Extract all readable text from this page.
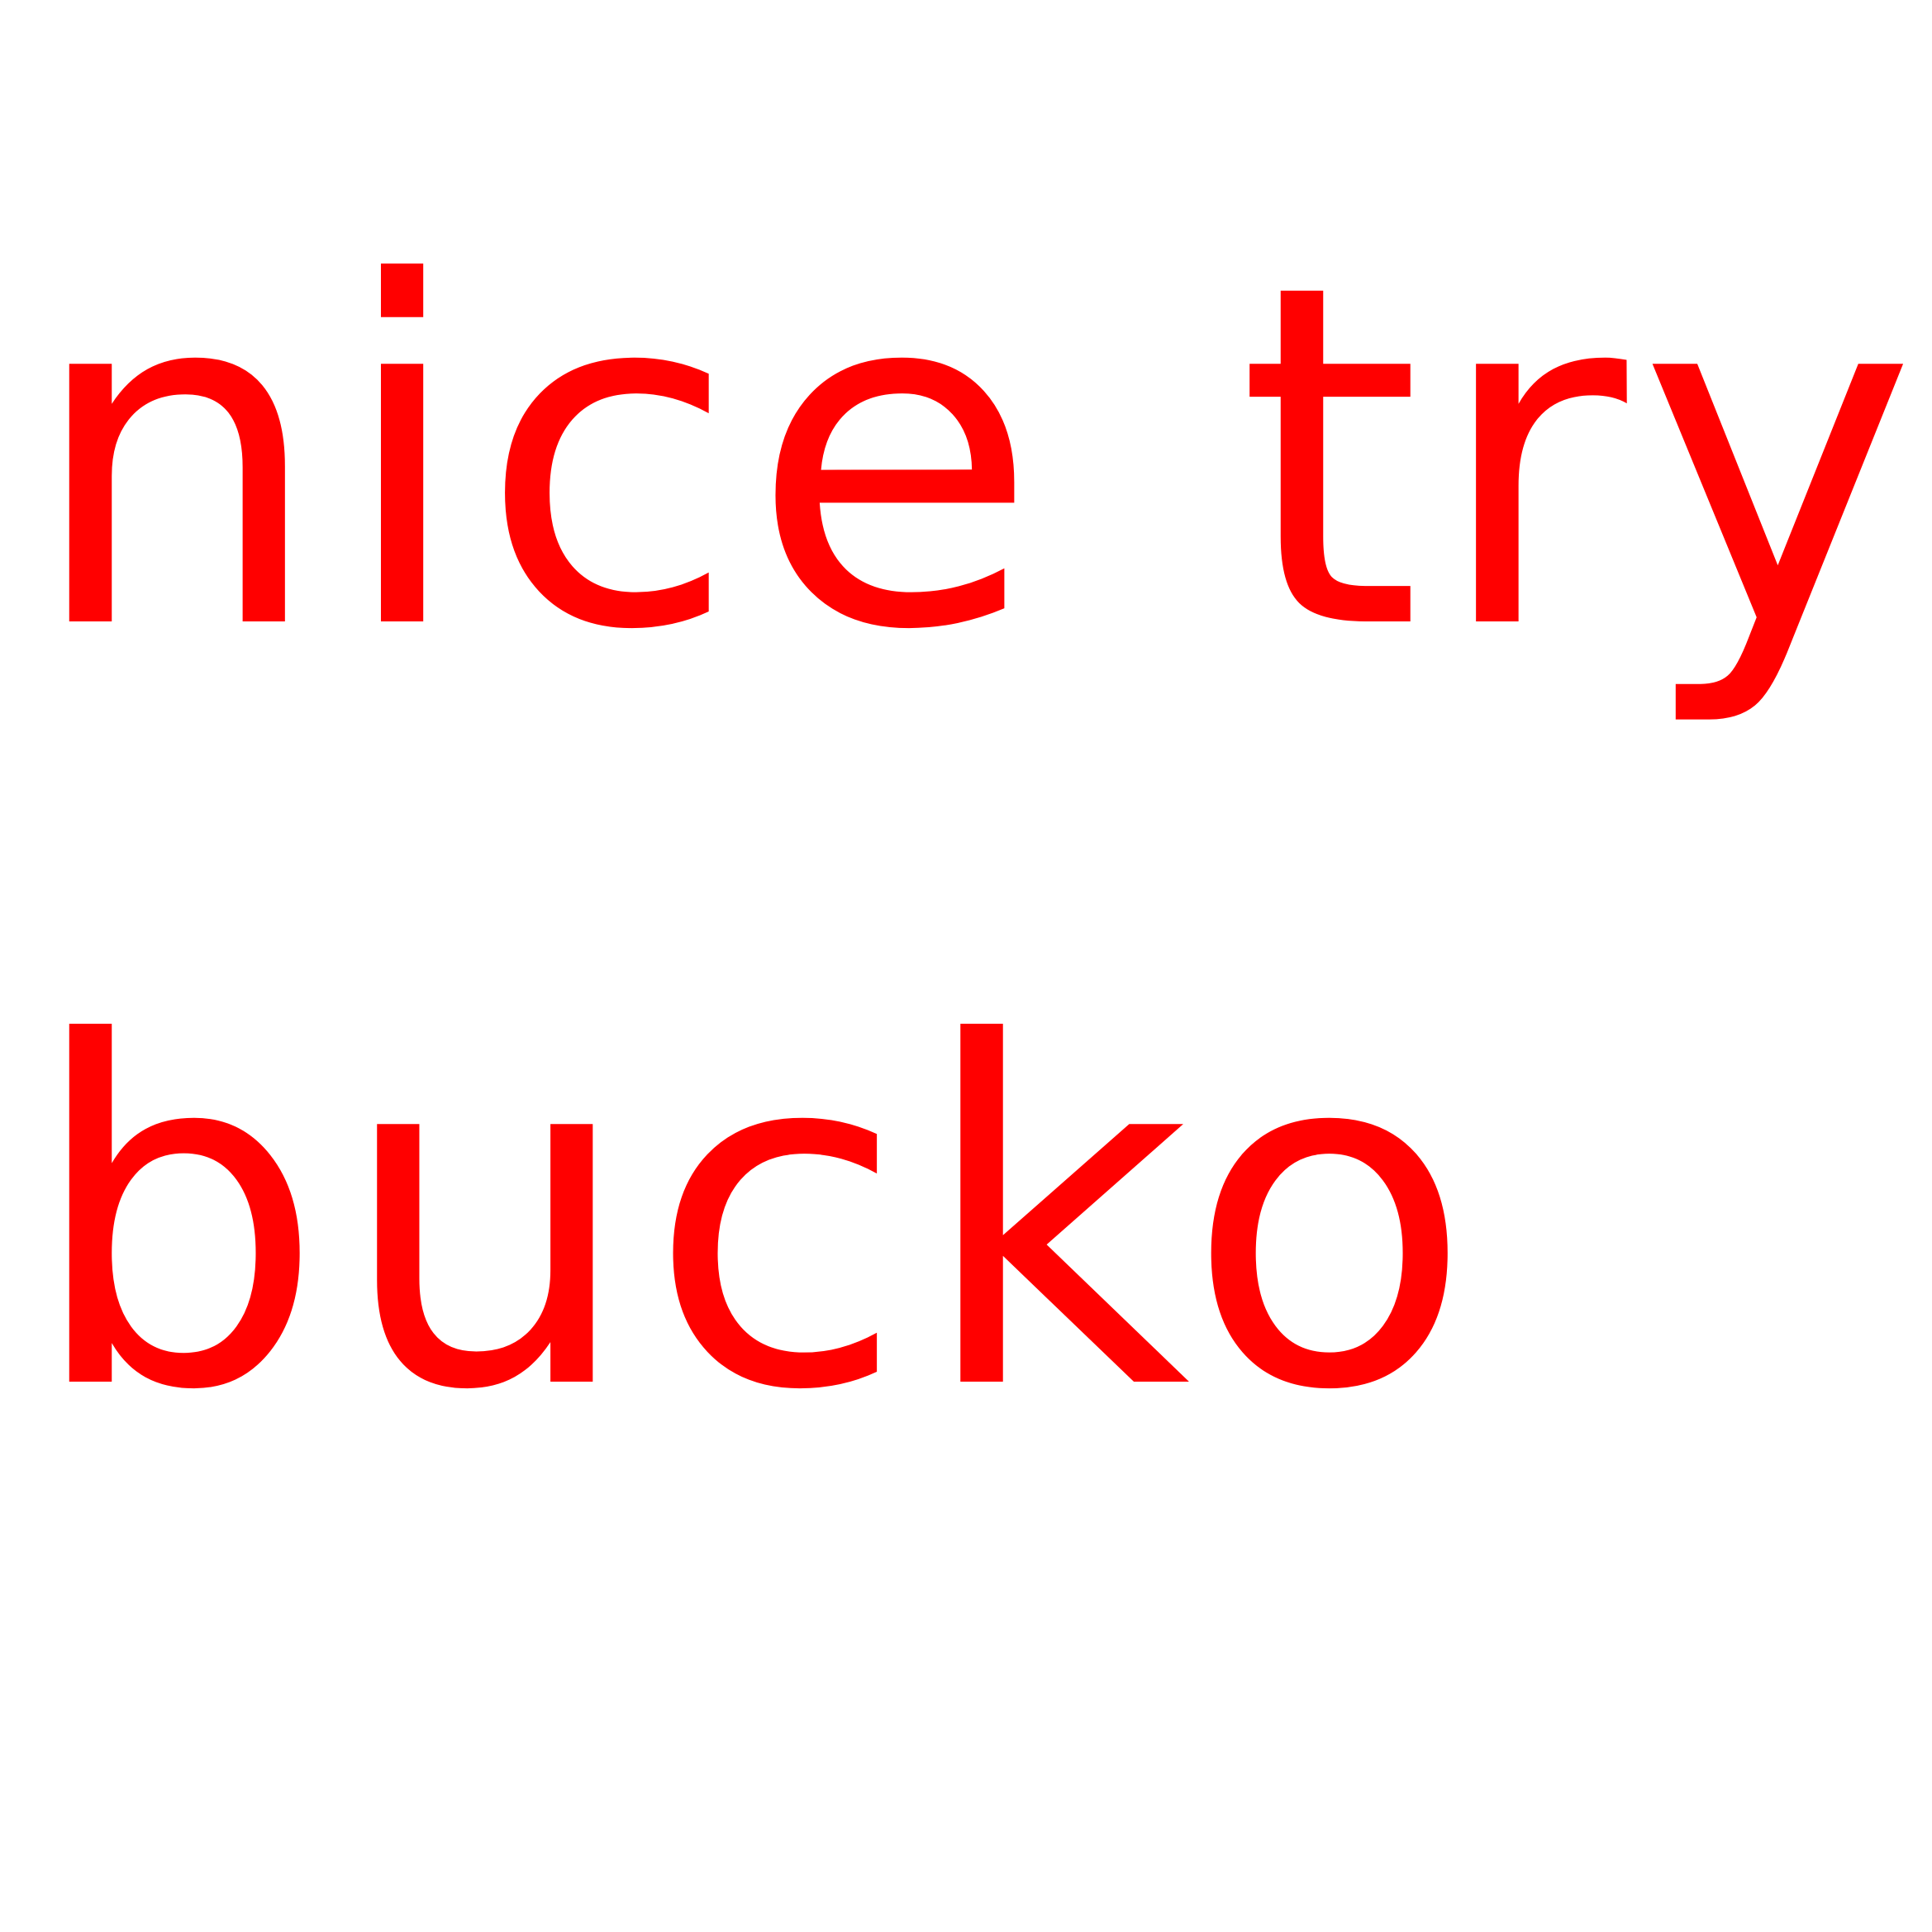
nice try
bucko
